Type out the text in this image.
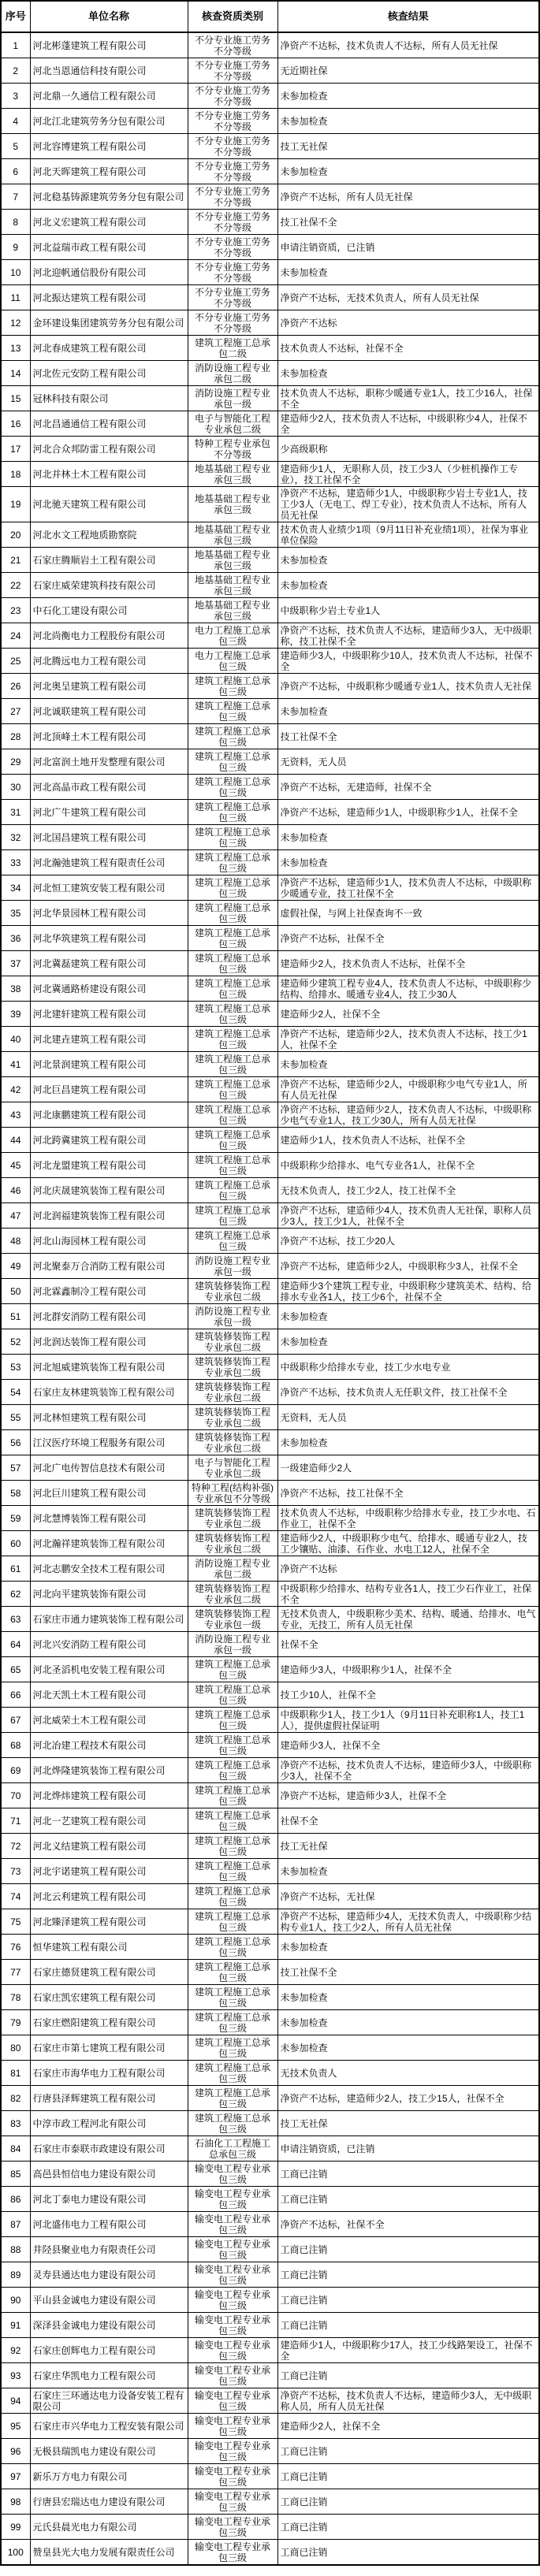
序号	单位名称	核查资质类别	核查结果
1	河北彬蓬建筑工程有限公司	不分专业施工劳务不分等级	净资产不达标，技术负责人不达标，所有人员无社保
2	河北当恩通信科技有限公司	不分专业施工劳务不分等级	无近期社保
3	河北鼎一久通信工程有限公司	不分专业施工劳务不分等级	未参加检查
4	河北江北建筑劳务分包有限公司	不分专业施工劳务不分等级	未参加检查
5	河北容博建筑工程有限公司	不分专业施工劳务不分等级	技工无社保
6	河北天晖建筑工程有限公司	不分专业施工劳务不分等级	未参加检查
7	河北稳基铸源建筑劳务分包有限公司	不分专业施工劳务不分等级	净资产不达标，所有人员无社保
8	河北义宏建筑工程有限公司	不分专业施工劳务不分等级	技工社保不全
9	河北益瑞市政工程有限公司	不分专业施工劳务不分等级	申请注销资质，已注销
10	河北迎帆通信股份有限公司	不分专业施工劳务不分等级	未参加检查
11	河北振达建筑工程有限公司	不分专业施工劳务不分等级	净资产不达标，无技术负责人，所有人员无社保
12	金环建设集团建筑劳务分包有限公司	不分专业施工劳务不分等级	净资产不达标
13	河北春成建筑工程有限公司	建筑工程施工总承包二级	技术负责人不达标，社保不全
14	河北佐元安防工程有限公司	消防设施工程专业承包二级	未参加检查
15	冠林科技有限公司	消防设施工程专业承包一级	技术负责人不达标，职称少暖通专业1人，技工少16人，社保不全
16	河北昌通通信工程有限公司	电子与智能化工程专业承包二级	建造师少2人，技术负责人不达标，中级职称少4人，社保不全
17	河北合众邦防雷工程有限公司	特种工程专业承包不分等级	少高级职称
18	河北并林土木工程有限公司	地基基础工程专业承包三级	建造师少1人，无职称人员，技工少3人（少桩机操作工专业），技工社保不全
19	河北驰天建筑工程有限公司	地基基础工程专业承包三级	净资产不达标，建造师少1人，中级职称少岩土专业1人，技工少3人（无电工、焊工专业），技术负责人不达标，所有人员无社保
20	河北水文工程地质勘察院	地基基础工程专业承包三级	技术负责人业绩少1项（9月11日补充业绩1项），社保为事业单位保险
21	石家庄腾顺岩土工程有限公司	地基基础工程专业承包三级	未参加检查
22	石家庄威荣建筑科技有限公司	地基基础工程专业承包三级	未参加检查
23	中石化工建设有限公司	地基基础工程专业承包三级	中级职称少岩土专业1人
24	河北尚衡电力工程股份有限公司	电力工程施工总承包三级	净资产不达标，技术负责人不达标，建造师少3人，无中级职称，技工社保不全
25	河北腾远电力工程有限公司	电力工程施工总承包三级	建造师少3人，中级职称少10人，技术负责人不达标，社保不全
26	河北奥呈建筑工程有限公司	建筑工程施工总承包三级	净资产不达标，中级职称少暖通专业1人，技术负责人无社保
27	河北诚联建筑工程有限公司	建筑工程施工总承包三级	未参加检查
28	河北顶峰土木工程有限公司	建筑工程施工总承包三级	技工社保不全
29	河北富润土地开发整理有限公司	建筑工程施工总承包三级	无资料，无人员
30	河北高晶市政工程有限公司	建筑工程施工总承包三级	净资产不达标，无建造师，社保不全
31	河北广牛建筑工程有限公司	建筑工程施工总承包三级	净资产不达标，建造师少1人，中级职称少1人，社保不全
32	河北国昌建筑工程有限公司	建筑工程施工总承包三级	未参加检查
33	河北瀚弛建筑工程有限责任公司	建筑工程施工总承包三级	未参加检查
34	河北恒工建筑安装工程有限公司	建筑工程施工总承包三级	净资产不达标，建造师少1人，技术负责人不达标，中级职称少暖通专业，技工社保不全
35	河北华景园林工程有限公司	建筑工程施工总承包三级	虚假社保，与网上社保查询不一致
36	河北华筑建筑工程有限公司	建筑工程施工总承包三级	净资产不达标，社保不全
37	河北冀磊建筑工程有限公司	建筑工程施工总承包三级	建造师少2人，技术负责人不达标，社保不全
38	河北冀通路桥建设有限公司	建筑工程施工总承包三级	建造师少建筑工程专业4人，技术负责人不达标，中级职称少结构、给排水、暖通专业4人，技工少30人
39	河北建轩建筑工程有限公司	建筑工程施工总承包三级	建造师少2人，社保不全
40	河北建垚建筑工程有限公司	建筑工程施工总承包三级	净资产不达标，建造师少2人，技术负责人不达标，技工少1人，社保不全
41	河北景润建筑工程有限公司	建筑工程施工总承包三级	未参加检查
42	河北巨昌建筑工程有限公司	建筑工程施工总承包三级	净资产不达标，建造师少2人，中级职称少电气专业1人，所有人员无社保
43	河北康鹏建筑工程有限公司	建筑工程施工总承包三级	净资产不达标，建造师少2人，技术负责人不达标，中级职称少电气专业1人，技工少30人，所有人员无社保
44	河北跨冀建筑工程有限公司	建筑工程施工总承包三级	建造师少1人，技术负责人不达标，社保不全
45	河北龙盟建筑工程有限公司	建筑工程施工总承包三级	中级职称少给排水、电气专业各1人，社保不全
46	河北庆晟建筑装饰工程有限公司	建筑工程施工总承包三级	无技术负责人，技工少2人，技工社保不全
47	河北润福建筑装饰工程有限公司	建筑工程施工总承包三级	净资产不达标，建造师少4人，技术负责人无社保，职称人员少3人，技工少1人，社保不全
48	河北山海园林工程有限公司	建筑工程施工总承包三级	净资产不达标，技工少20人
49	河北聚泰万合消防工程有限公司	消防设施工程专业承包一级	净资产不达标，建造师少2人，中级职称少3人，社保不全
50	河北霖鑫制冷工程有限公司	建筑装修装饰工程专业承包二级	建造师少3个建筑工程专业，中级职称少建筑美术、结构、给排水专业各1人，技工少6个，社保不全
51	河北群安消防工程有限公司	消防设施工程专业承包一级	未参加检查
52	河北润达装饰工程有限公司	建筑装修装饰工程专业承包二级	未参加检查
53	河北旭威建筑装饰工程有限公司	建筑装修装饰工程专业承包二级	中级职称少给排水专业，技工少水电专业
54	石家庄友林建筑装饰工程有限公司	建筑装修装饰工程专业承包二级	净资产不达标，技术负责人无任职文件，技工社保不全
55	河北林恒建筑工程有限公司	建筑装修装饰工程专业承包二级	无资料，无人员
56	江汉医疗环境工程服务有限公司	建筑装修装饰工程专业承包二级	未参加检查
57	河北广电传智信息技术有限公司	电子与智能化工程专业承包二级	一级建造师少2人
58	河北巨川建筑工程有限公司	特种工程(结构补强)专业承包不分等级	净资产不达标，技工社保不全
59	河北慧博装饰工程有限公司	建筑装修装饰工程专业承包二级	技术负责人不达标，中级职称少给排水专业，技工少水电、石作业工，社保不全
60	河北瀚祥建筑装饰工程有限公司	建筑装修装饰工程专业承包二级	建造师少2人，中级职称少电气、给排水、暖通专业2人，技工少镶贴、油漆、石作业、水电工12人，社保不全
61	河北志鹏安全技术工程有限公司	消防设施工程专业承包二级	净资产不达标
62	河北向平建筑装饰有限公司	建筑装修装饰工程专业承包二级	中级职称少给排水、结构专业各1人，技工少石作业工，社保不全
63	石家庄市通力建筑装饰工程有限公司	建筑装修装饰工程专业承包一级	无技术负责人，中级职称少美术、结构、暖通、给排水、电气专业，无技工，所有人员无社保
64	河北兴安消防工程有限公司	消防设施工程专业承包一级	社保不全
65	河北圣滔机电安装工程有限公司	建筑工程施工总承包三级	建造师少3人，中级职称少1人，社保不全
66	河北天凯土木工程有限公司	建筑工程施工总承包三级	技工少10人，社保不全
67	河北威荣土木工程有限公司	建筑工程施工总承包三级	中级职称少1人，技工少1人（9月11日补充职称1人，技工1人），提供虚假社保证明
68	河北冶建工程技术有限公司	建筑工程施工总承包三级	建造师少3人，社保不全
69	河北烨隆建筑装饰工程有限公司	建筑工程施工总承包三级	净资产不达标，技术负责人不达标，建造师少3人，中级职称少3人，社保不全
70	河北烨炜建筑工程有限公司	建筑工程施工总承包三级	净资产不达标，建造师少3人，社保不全
71	河北一艺建筑工程有限公司	建筑工程施工总承包三级	社保不全
72	河北义结建筑工程有限公司	建筑工程施工总承包三级	技工无社保
73	河北宇诺建筑工程有限公司	建筑工程施工总承包三级	未参加检查
74	河北云利建筑工程有限公司	建筑工程施工总承包三级	净资产不达标，无社保
75	河北臻泽建筑工程有限公司	建筑工程施工总承包三级	净资产不达标，建造师少4人，无技术负责人，中级职称少结构专业1人，技工少2人，所有人员无社保
76	恒华建筑工程有限公司	建筑工程施工总承包三级	未参加检查
77	石家庄德贤建筑工程有限公司	建筑工程施工总承包三级	技工社保不全
78	石家庄凯宏建筑工程有限公司	建筑工程施工总承包三级	未参加检查
79	石家庄燃阳建筑工程有限公司	建筑工程施工总承包三级	未参加检查
80	石家庄市第七建筑工程有限公司	建筑工程施工总承包三级	未参加检查
81	石家庄市海华电力工程有限公司	建筑工程施工总承包三级	无技术负责人
82	行唐县泽辉建筑工程有限公司	建筑工程施工总承包三级	净资产不达标，建造师少2人，技工少15人，社保不全
83	中淳市政工程河北有限公司	建筑工程施工总承包三级	技工无社保
84	石家庄市泰联市政建设有限公司	石油化工工程施工总承包三级	申请注销资质，已注销
85	高邑县恒信电力建设有限公司	输变电工程专业承包三级	工商已注销
86	河北丁泰电力建设有限公司	输变电工程专业承包三级	工商已注销
87	河北盛伟电力工程有限公司	输变电工程专业承包三级	净资产不达标，社保不全
88	井陉县聚业电力有限责任公司	输变电工程专业承包三级	工商已注销
89	灵寿县通达电力建设有限公司	输变电工程专业承包三级	工商已注销
90	平山县金诚电力建设有限公司	输变电工程专业承包三级	工商已注销
91	深泽县金诚电力建设有限公司	输变电工程专业承包三级	工商已注销
92	石家庄创辉电力工程有限公司	输变电工程专业承包三级	建造师少1人，中级职称少17人，技工少线路架设工，社保不全
93	石家庄华凯电力工程有限公司	输变电工程专业承包三级	工商已注销
94	石家庄三环通达电力设备安装工程有限公司	输变电工程专业承包三级	净资产不达标，技术负责人不达标，建造师少3人，无中级职称人员，所有人员无社保
95	石家庄市兴华电力工程安装有限公司	输变电工程专业承包三级	建造师少2人，社保不全
96	无极县瑞凯电力建设有限公司	输变电工程专业承包三级	工商已注销
97	新乐万方电力有限公司	输变电工程专业承包三级	工商已注销
98	行唐县宏瑞达电力建设有限公司	输变电工程专业承包三级	工商已注销
99	元氏县晨光电力有限公司	输变电工程专业承包三级	工商已注销
100	赞皇县光大电力发展有限责任公司	输变电工程专业承包三级	工商已注销
